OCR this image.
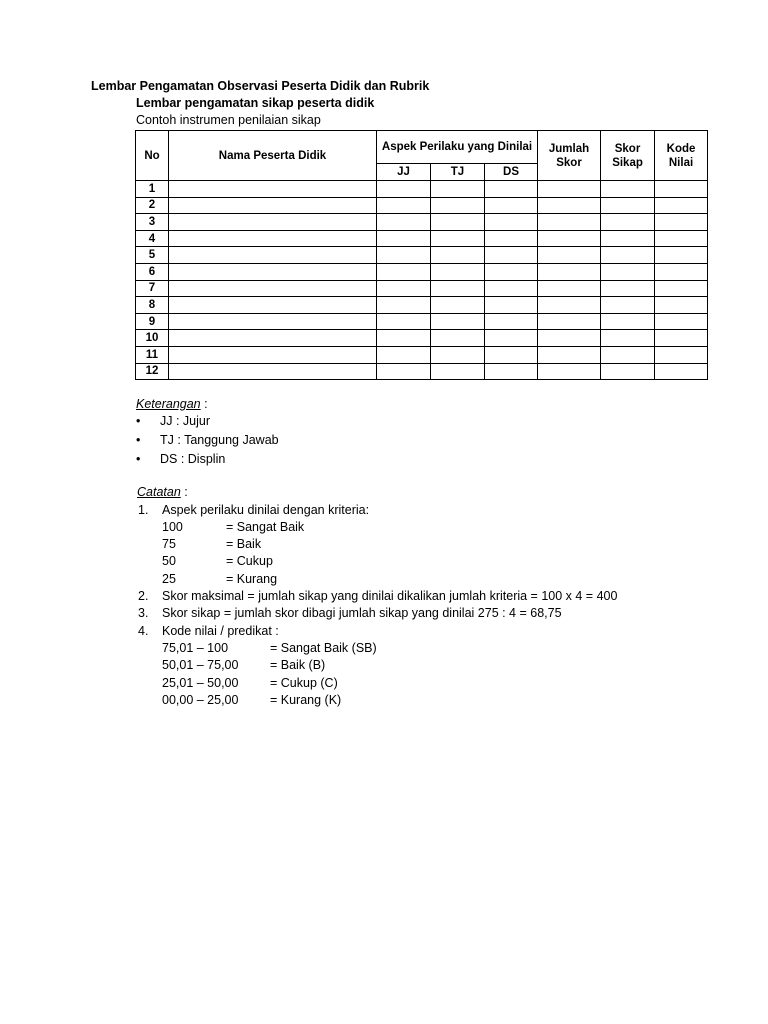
Lembar Pengamatan Observasi Peserta Didik dan Rubrik
Lembar pengamatan sikap peserta didik
Contoh instrumen penilaian sikap
No	Nama Peserta Didik	Aspek Perilaku yang Dinilai			Jumlah Skor	Skor Sikap	Kode Nilai
		JJ	TJ	DS			
1							
2							
3							
4							
5							
6							
7							
8							
9							
10							
11							
12							
Keterangan :
• JJ : Jujur
• TJ : Tanggung Jawab
• DS : Displin
Catatan :
1. Aspek perilaku dinilai dengan kriteria:
100	= Sangat Baik
75	= Baik
50	= Cukup
25	= Kurang
2. Skor maksimal = jumlah sikap yang dinilai dikalikan jumlah kriteria = 100 x 4 = 400
3. Skor sikap = jumlah skor dibagi jumlah sikap yang dinilai 275 : 4 = 68,75
4. Kode nilai / predikat :
75,01 – 100	= Sangat Baik (SB)
50,01 – 75,00	= Baik (B)
25,01 – 50,00	= Cukup (C)
00,00 – 25,00	= Kurang (K)
